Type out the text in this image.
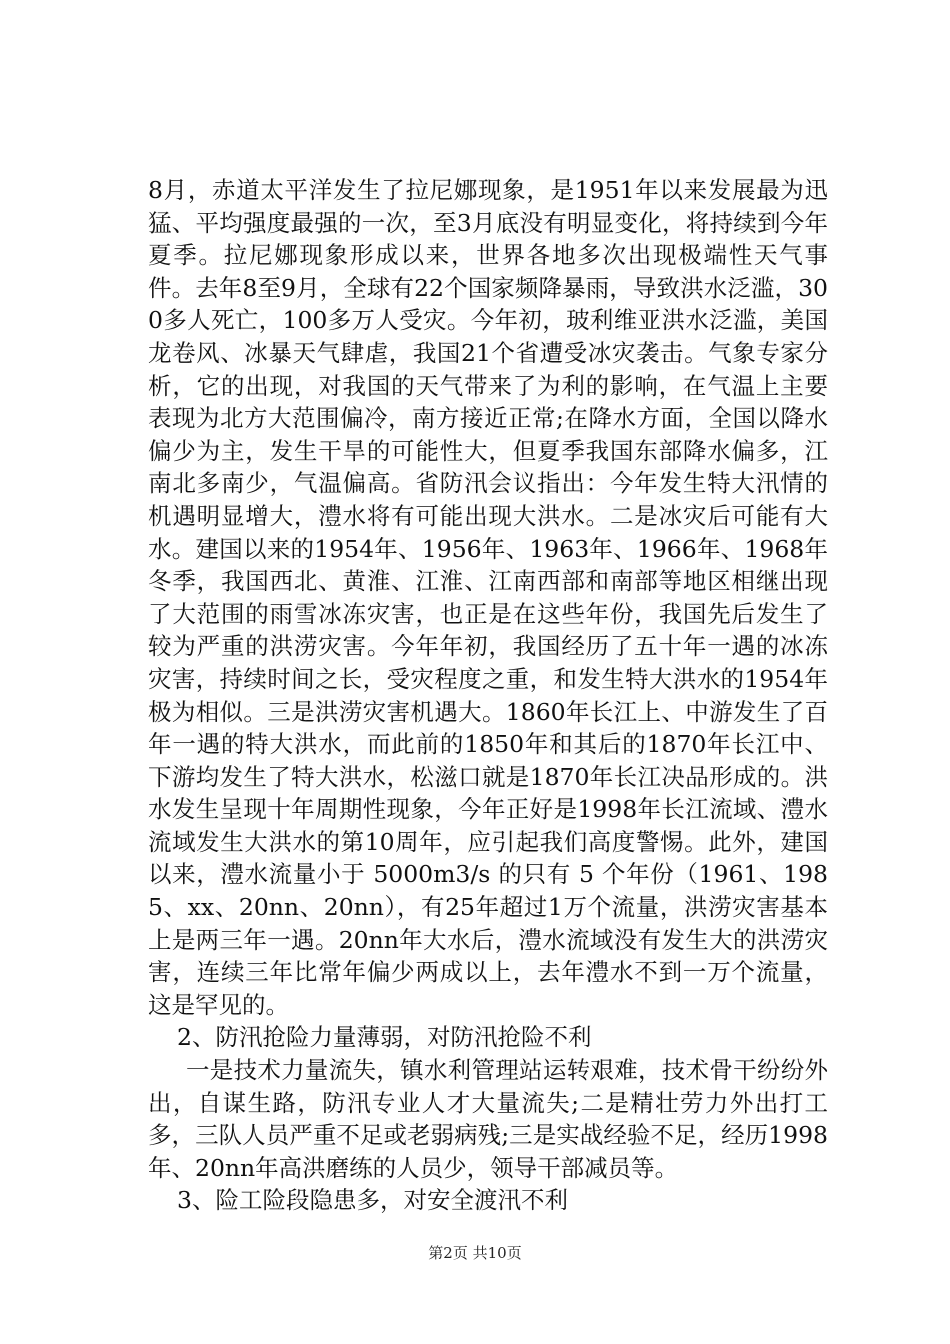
8月，赤道太平洋发生了拉尼娜现象，是1951年以来发展最为迅猛、平均强度最强的一次，至3月底没有明显变化，将持续到今年夏季。拉尼娜现象形成以来，世界各地多次出现极端性天气事件。去年8至9月，全球有22个国家频降暴雨，导致洪水泛滥，300多人死亡，100多万人受灾。今年初，玻利维亚洪水泛滥，美国龙卷风、冰暴天气肆虐，我国21个省遭受冰灾袭击。气象专家分析，它的出现，对我国的天气带来了为利的影响，在气温上主要表现为北方大范围偏冷，南方接近正常;在降水方面，全国以降水偏少为主，发生干旱的可能性大，但夏季我国东部降水偏多，江南北多南少，气温偏高。省防汛会议指出：今年发生特大汛情的机遇明显增大，澧水将有可能出现大洪水。二是冰灾后可能有大水。建国以来的1954年、1956年、1963年、1966年、1968年冬季，我国西北、黄淮、江淮、江南西部和南部等地区相继出现了大范围的雨雪冰冻灾害，也正是在这些年份，我国先后发生了较为严重的洪涝灾害。今年年初，我国经历了五十年一遇的冰冻灾害，持续时间之长，受灾程度之重，和发生特大洪水的1954年极为相似。三是洪涝灾害机遇大。1860年长江上、中游发生了百年一遇的特大洪水，而此前的1850年和其后的1870年长江中、下游均发生了特大洪水，松滋口就是1870年长江决品形成的。洪水发生呈现十年周期性现象，今年正好是1998年长江流域、澧水流域发生大洪水的第10周年，应引起我们高度警惕。此外，建国以来，澧水流量小于 5000m3/s 的只有 5 个年份（1961、1985、xx、20nn、20nn），有25年超过1万个流量，洪涝灾害基本上是两三年一遇。20nn年大水后，澧水流域没有发生大的洪涝灾害，连续三年比常年偏少两成以上，去年澧水不到一万个流量，这是罕见的。

2、防汛抢险力量薄弱，对防汛抢险不利

一是技术力量流失，镇水利管理站运转艰难，技术骨干纷纷外出，自谋生路，防汛专业人才大量流失;二是精壮劳力外出打工多，三队人员严重不足或老弱病残;三是实战经验不足，经历1998年、20nn年高洪磨练的人员少，领导干部减员等。

3、险工险段隐患多，对安全渡汛不利

第2页 共10页
